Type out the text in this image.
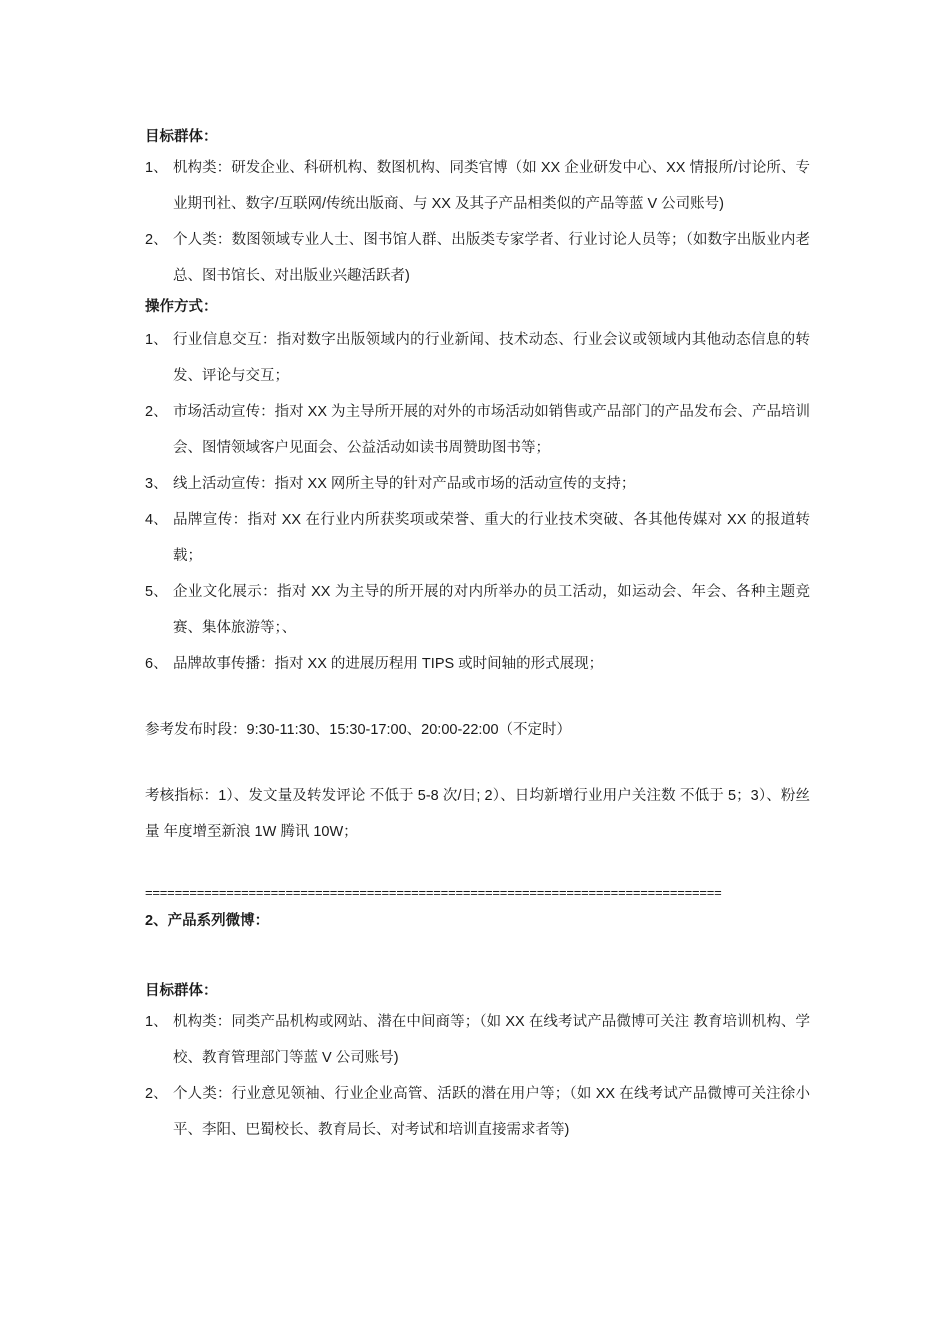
目标群体：
1、 机构类：研发企业、科研机构、数图机构、同类官博（如 XX 企业研发中心、XX 情报所/讨论所、专业期刊社、数字/互联网/传统出版商、与 XX 及其子产品相类似的产品等蓝 V 公司账号)
2、 个人类：数图领域专业人士、图书馆人群、出版类专家学者、行业讨论人员等；（如数字出版业内老总、图书馆长、对出版业兴趣活跃者)
操作方式：
1、 行业信息交互：指对数字出版领域内的行业新闻、技术动态、行业会议或领域内其他动态信息的转发、评论与交互；
2、 市场活动宣传：指对 XX 为主导所开展的对外的市场活动如销售或产品部门的产品发布会、产品培训会、图情领域客户见面会、公益活动如读书周赞助图书等；
3、 线上活动宣传：指对 XX 网所主导的针对产品或市场的活动宣传的支持；
4、 品牌宣传：指对 XX 在行业内所获奖项或荣誉、重大的行业技术突破、各其他传媒对 XX 的报道转载；
5、 企业文化展示：指对 XX 为主导的所开展的对内所举办的员工活动，如运动会、年会、各种主题竞赛、集体旅游等；、
6、 品牌故事传播：指对 XX 的进展历程用 TIPS 或时间轴的形式展现；
参考发布时段：9:30-11:30、15:30-17:00、20:00-22:00（不定时）
考核指标：1）、发文量及转发评论 不低于 5-8 次/日; 2）、日均新增行业用户关注数 不低于 5；3）、粉丝量 年度增至新浪 1W 腾讯 10W；
==============================================================================
2、产品系列微博：
目标群体：
1、 机构类：同类产品机构或网站、潜在中间商等；（如 XX 在线考试产品微博可关注 教育培训机构、学校、教育管理部门等蓝 V 公司账号)
2、 个人类：行业意见领袖、行业企业高管、活跃的潜在用户等；（如 XX 在线考试产品微博可关注徐小平、李阳、巴蜀校长、教育局长、对考试和培训直接需求者等)
